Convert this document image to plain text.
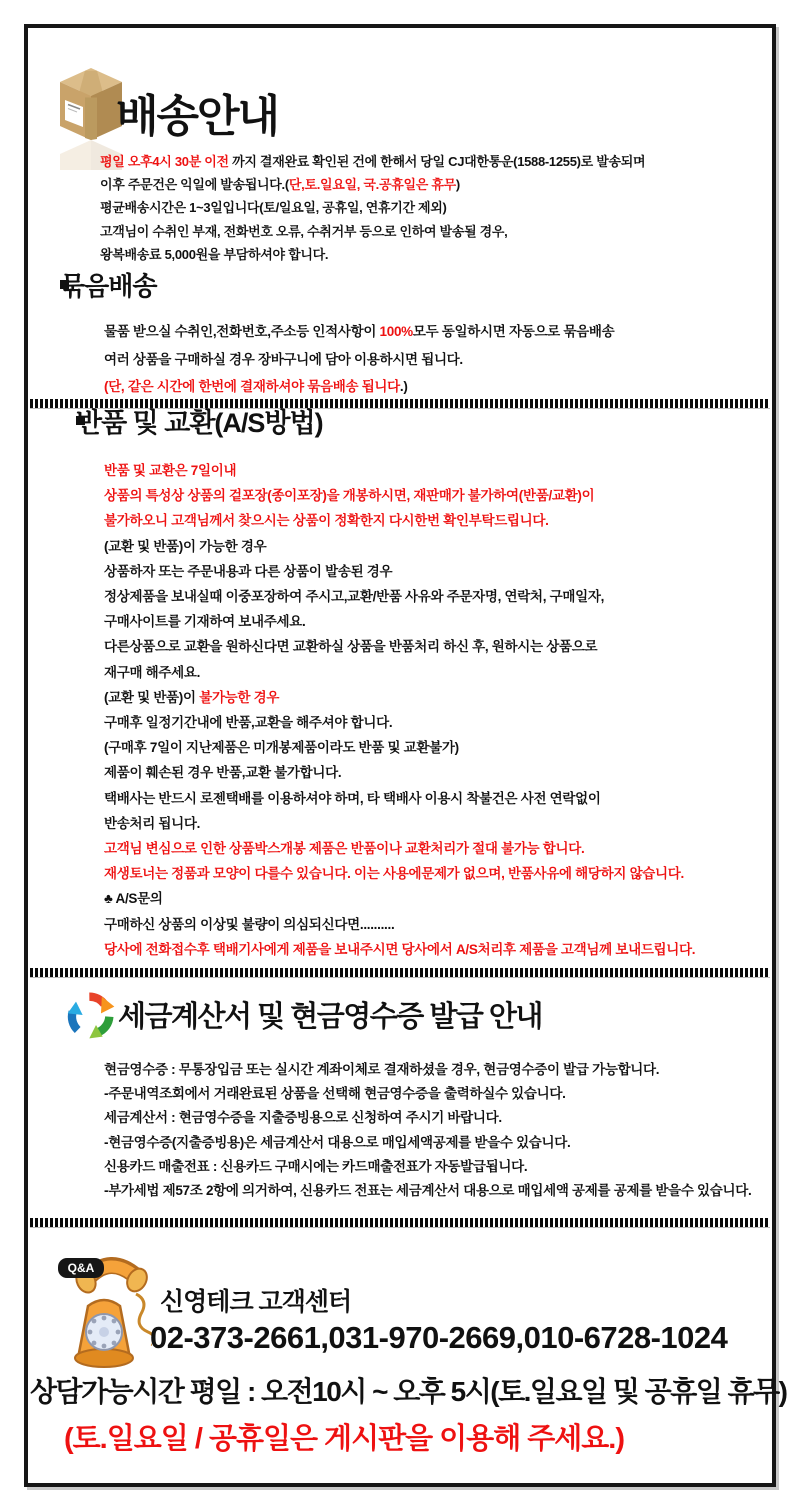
배송안내
평일 오후4시 30분 이전 까지 결재완료 확인된 건에 한해서 당일 CJ대한통운(1588-1255)로 발송되며
이후 주문건은 익일에 발송됩니다.(단,토.일요일, 국.공휴일은 휴무)
평균배송시간은 1~3일입니다(토/일요일, 공휴일, 연휴기간 제외)
고객님이 수취인 부재, 전화번호 오류, 수취거부 등으로 인하여 발송될 경우,
왕복배송료 5,000원을 부담하셔야 합니다.
묶음배송
물품 받으실 수취인,전화번호,주소등 인적사항이 100%모두 동일하시면 자동으로 묶음배송
여러 상품을 구매하실 경우 장바구니에 담아 이용하시면 됩니다.
(단, 같은 시간에 한번에 결재하셔야 묶음배송 됩니다.)
반품 및 교환(A/S방법)
반품 및 교환은 7일이내
상품의 특성상 상품의 겉포장(종이포장)을 개봉하시면, 재판매가 불가하여(반품/교환)이
불가하오니 고객님께서 찾으시는 상품이 정확한지 다시한번 확인부탁드립니다.
(교환 및 반품)이 가능한 경우
상품하자 또는 주문내용과 다른 상품이 발송된 경우
정상제품을 보내실때 이중포장하여 주시고,교환/반품 사유와 주문자명, 연락처, 구매일자,
구매사이트를 기재하여 보내주세요.
다른상품으로 교환을 원하신다면 교환하실 상품을 반품처리 하신 후, 원하시는 상품으로
재구매 해주세요.
(교환 및 반품)이 불가능한 경우
구매후 일정기간내에 반품,교환을 해주셔야 합니다.
(구매후 7일이 지난제품은 미개봉제품이라도 반품 및 교환불가)
제품이 훼손된 경우 반품,교환 불가합니다.
택배사는 반드시 로젠택배를 이용하셔야 하며, 타 택배사 이용시 착불건은 사전 연락없이
반송처리 됩니다.
고객님 변심으로 인한 상품박스개봉 제품은 반품이나 교환처리가 절대 불가능 합니다.
재생토너는 정품과 모양이 다를수 있습니다. 이는 사용에문제가 없으며, 반품사유에 해당하지 않습니다.
♣ A/S문의
구매하신 상품의 이상및 불량이 의심되신다면..........
당사에 전화접수후 택배기사에게 제품을 보내주시면 당사에서 A/S처리후 제품을 고객님께 보내드립니다.
세금계산서 및 현금영수증 발급 안내
현금영수증 : 무통장입금 또는 실시간 계좌이체로 결재하셨을 경우, 현금영수증이 발급 가능합니다.
-주문내역조회에서 거래완료된 상품을 선택해 현금영수증을 출력하실수 있습니다.
세금계산서 : 현금영수증을 지출증빙용으로 신청하여 주시기 바랍니다.
-현금영수증(지출증빙용)은 세금계산서 대용으로 매입세액공제를 받을수 있습니다.
신용카드 매출전표 : 신용카드 구매시에는 카드매출전표가 자동발급됩니다.
-부가세법 제57조 2항에 의거하여, 신용카드 전표는 세금계산서 대용으로 매입세액 공제를 공제를 받을수 있습니다.
Q&A
신영테크 고객센터
02-373-2661,031-970-2669,010-6728-1024
상담가능시간 평일 : 오전10시 ~ 오후 5시(토.일요일 및 공휴일 휴무)
(토.일요일 / 공휴일은 게시판을 이용해 주세요.)
